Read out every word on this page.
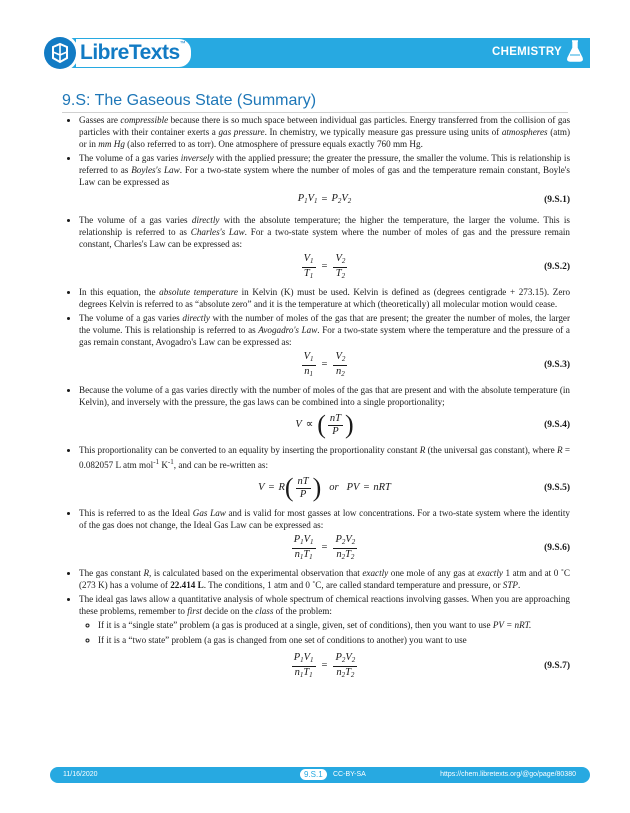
LibreTexts™
CHEMISTRY
9.S: The Gaseous State (Summary)

• Gasses are compressible because there is so much space between individual gas particles. Energy transferred from the collision of gas particles with their container exerts a gas pressure. In chemistry, we typically measure gas pressure using units of atmospheres (atm) or in mm Hg (also referred to as torr). One atmosphere of pressure equals exactly 760 mm Hg.

• The volume of a gas varies inversely with the applied pressure; the greater the pressure, the smaller the volume. This is relationship is referred to as Boyles's Law. For a two-state system where the number of moles of gas and the temperature remain constant, Boyle's Law can be expressed as

$P_1V_1 = P_2V_2$	(9.S.1)

• The volume of a gas varies directly with the absolute temperature; the higher the temperature, the larger the volume. This is relationship is referred to as Charles's Law. For a two-state system where the number of moles of gas and the pressure remain constant, Charles's Law can be expressed as:

$\frac{V_1}{T_1} = \frac{V_2}{T_2}$	(9.S.2)

• In this equation, the absolute temperature in Kelvin (K) must be used. Kelvin is defined as (degrees centigrade + 273.15). Zero degrees Kelvin is referred to as “absolute zero” and it is the temperature at which (theoretically) all molecular motion would cease.

• The volume of a gas varies directly with the number of moles of the gas that are present; the greater the number of moles, the larger the volume. This is relationship is referred to as Avogadro's Law. For a two-state system where the temperature and the pressure of a gas remain constant, Avogadro's Law can be expressed as:

$\frac{V_1}{n_1} = \frac{V_2}{n_2}$	(9.S.3)

• Because the volume of a gas varies directly with the number of moles of the gas that are present and with the absolute temperature (in Kelvin), and inversely with the pressure, the gas laws can be combined into a single proportionality;

V ∝ ( $\frac{nT}{P}$ )	(9.S.4)

• This proportionality can be converted to an equality by inserting the proportionality constant R (the universal gas constant), where R = 0.082057 L atm mol$^{-1}$ $K^{-1}$, and can be re-written as:

V = R ( $\frac{nT}{P}$ ) or PV = nRT	(9.S.5)

• This is referred to as the Ideal Gas Law and is valid for most gasses at low concentrations. For a two-state system where the identity of the gas does not change, the Ideal Gas Law can be expressed as:

$\frac{P_1V_1}{n_1T_1} = \frac{P_2V_2}{n_2T_2}$	(9.S.6)

• The gas constant R, is calculated based on the experimental observation that exactly one mole of any gas at exactly 1 atm and at 0 ˚C (273 K) has a volume of 22.414 L. The conditions, 1 atm and 0 ˚C, are called standard temperature and pressure, or STP.

• The ideal gas laws allow a quantitative analysis of whole spectrum of chemical reactions involving gasses. When you are approaching these problems, remember to first decide on the class of the problem:

◦ If it is a “single state” problem (a gas is produced at a single, given, set of conditions), then you want to use PV = nRT.
◦ If it is a “two state” problem (a gas is changed from one set of conditions to another) you want to use
$\frac{P_1V_1}{n_1T_1} = \frac{P_2V_2}{n_2T_2}$	(9.S.7)
11/16/2020	9.S.1	CC-BY-SA	https://chem.libretexts.org/@go/page/80380
